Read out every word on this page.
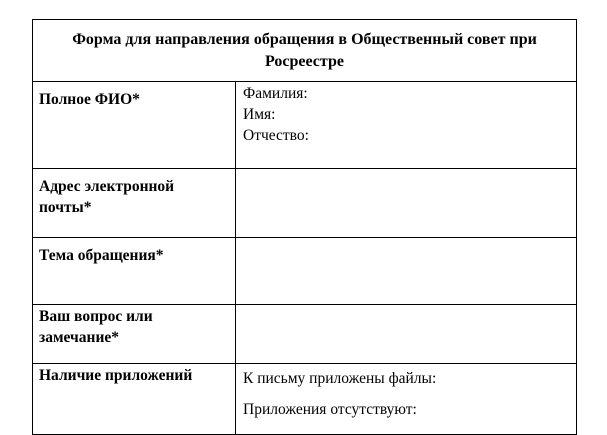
Форма для направления обращения в Общественный совет при Росреестре	
Полное ФИО*	Фамилия:
Имя:
Отчество:

Адрес электронной почты*	
Тема обращения*	
Ваш вопрос или замечание*	
Наличие приложений	К письму приложены файлы:
Приложения отсутствуют:
